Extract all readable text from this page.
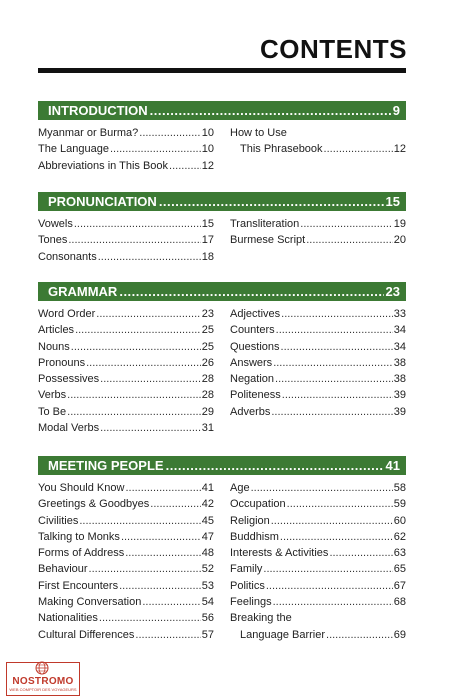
CONTENTS
INTRODUCTION .....	9
Myanmar or Burma? .....	10
The Language .....	10
Abbreviations in This Book .....	12
How to Use
This Phrasebook .....	12
PRONUNCIATION .....	15
Vowels .....	15
Tones .....	17
Consonants .....	18
Transliteration .....	19
Burmese Script .....	20
GRAMMAR .....	23
Word Order .....	23
Articles .....	25
Nouns .....	25
Pronouns .....	26
Possessives .....	28
Verbs .....	28
To Be .....	29
Modal Verbs .....	31
Adjectives .....	33
Counters .....	34
Questions .....	34
Answers .....	38
Negation .....	38
Politeness .....	39
Adverbs .....	39
MEETING PEOPLE .....	41
You Should Know .....	41
Greetings & Goodbyes .....	42
Civilities .....	45
Talking to Monks .....	47
Forms of Address .....	48
Behaviour .....	52
First Encounters .....	53
Making Conversation .....	54
Nationalities .....	56
Cultural Differences .....	57
Age .....	58
Occupation .....	59
Religion .....	60
Buddhism .....	62
Interests & Activities .....	63
Family .....	65
Politics .....	67
Feelings .....	68
Breaking the
Language Barrier .....	69
NOSTROMO
WEB COMPTOIR DES VOYAGEURS
